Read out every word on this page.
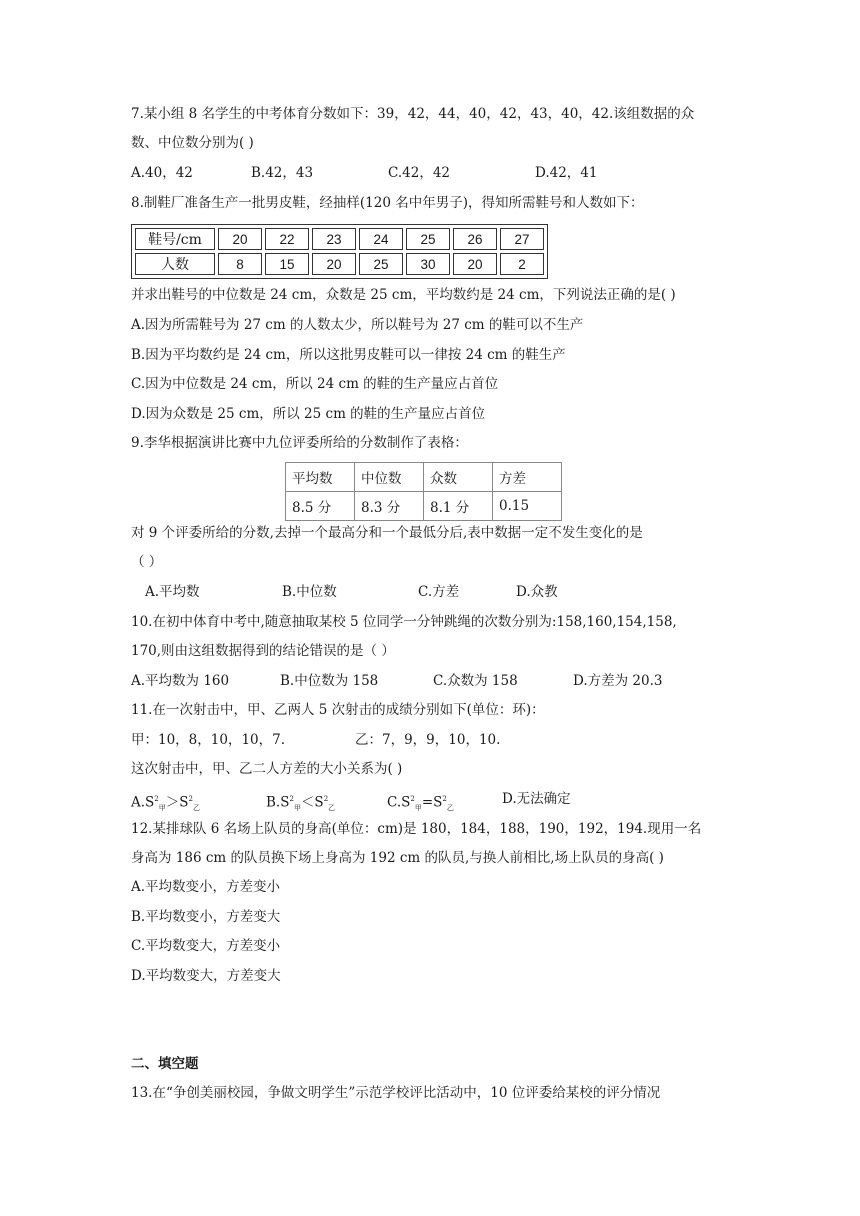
7.某小组 8 名学生的中考体育分数如下：39，42，44，40，42，43，40，42.该组数据的众
数、中位数分别为( )
A.40，42	B.42，43	C.42，42	D.42，41
8.制鞋厂准备生产一批男皮鞋，经抽样(120 名中年男子)，得知所需鞋号和人数如下：
鞋号/cm	20	22	23	24	25	26	27
人数	8	15	20	25	30	20	2
并求出鞋号的中位数是 24 cm，众数是 25 cm，平均数约是 24 cm，下列说法正确的是( )
A.因为所需鞋号为 27 cm 的人数太少，所以鞋号为 27 cm 的鞋可以不生产
B.因为平均数约是 24 cm，所以这批男皮鞋可以一律按 24 cm 的鞋生产
C.因为中位数是 24 cm，所以 24 cm 的鞋的生产量应占首位
D.因为众数是 25 cm，所以 25 cm 的鞋的生产量应占首位
9.李华根据演讲比赛中九位评委所给的分数制作了表格：
平均数	中位数	众数	方差
8.5 分	8.3 分	8.1 分	0.15
对 9 个评委所给的分数,去掉一个最高分和一个最低分后,表中数据一定不发生变化的是
（ ）
A.平均数	B.中位数	C.方差	D.众教
10.在初中体育中考中,随意抽取某校 5 位同学一分钟跳绳的次数分别为:158,160,154,158,
170,则由这组数据得到的结论错误的是（ ）
A.平均数为 160	B.中位数为 158	C.众数为 158	D.方差为 20.3
11.在一次射击中，甲、乙两人 5 次射击的成绩分别如下(单位：环)：
甲：10，8，10，10，7.	乙：7，9，9，10，10.
这次射击中，甲、乙二人方差的大小关系为( )
$A.S^2_甲>S^2_乙$	$B.S^2_甲<S^2_乙$	$C.S^2_甲=S^2_乙$
D.无法确定
12.某排球队 6 名场上队员的身高(单位：cm)是 180，184，188，190，192，194.现用一名
身高为 186 cm 的队员换下场上身高为 192 cm 的队员,与换人前相比,场上队员的身高( )
A.平均数变小，方差变小
B.平均数变小，方差变大
C.平均数变大，方差变小
D.平均数变大，方差变大
二、填空题
13.在“争创美丽校园，争做文明学生”示范学校评比活动中，10 位评委给某校的评分情况
